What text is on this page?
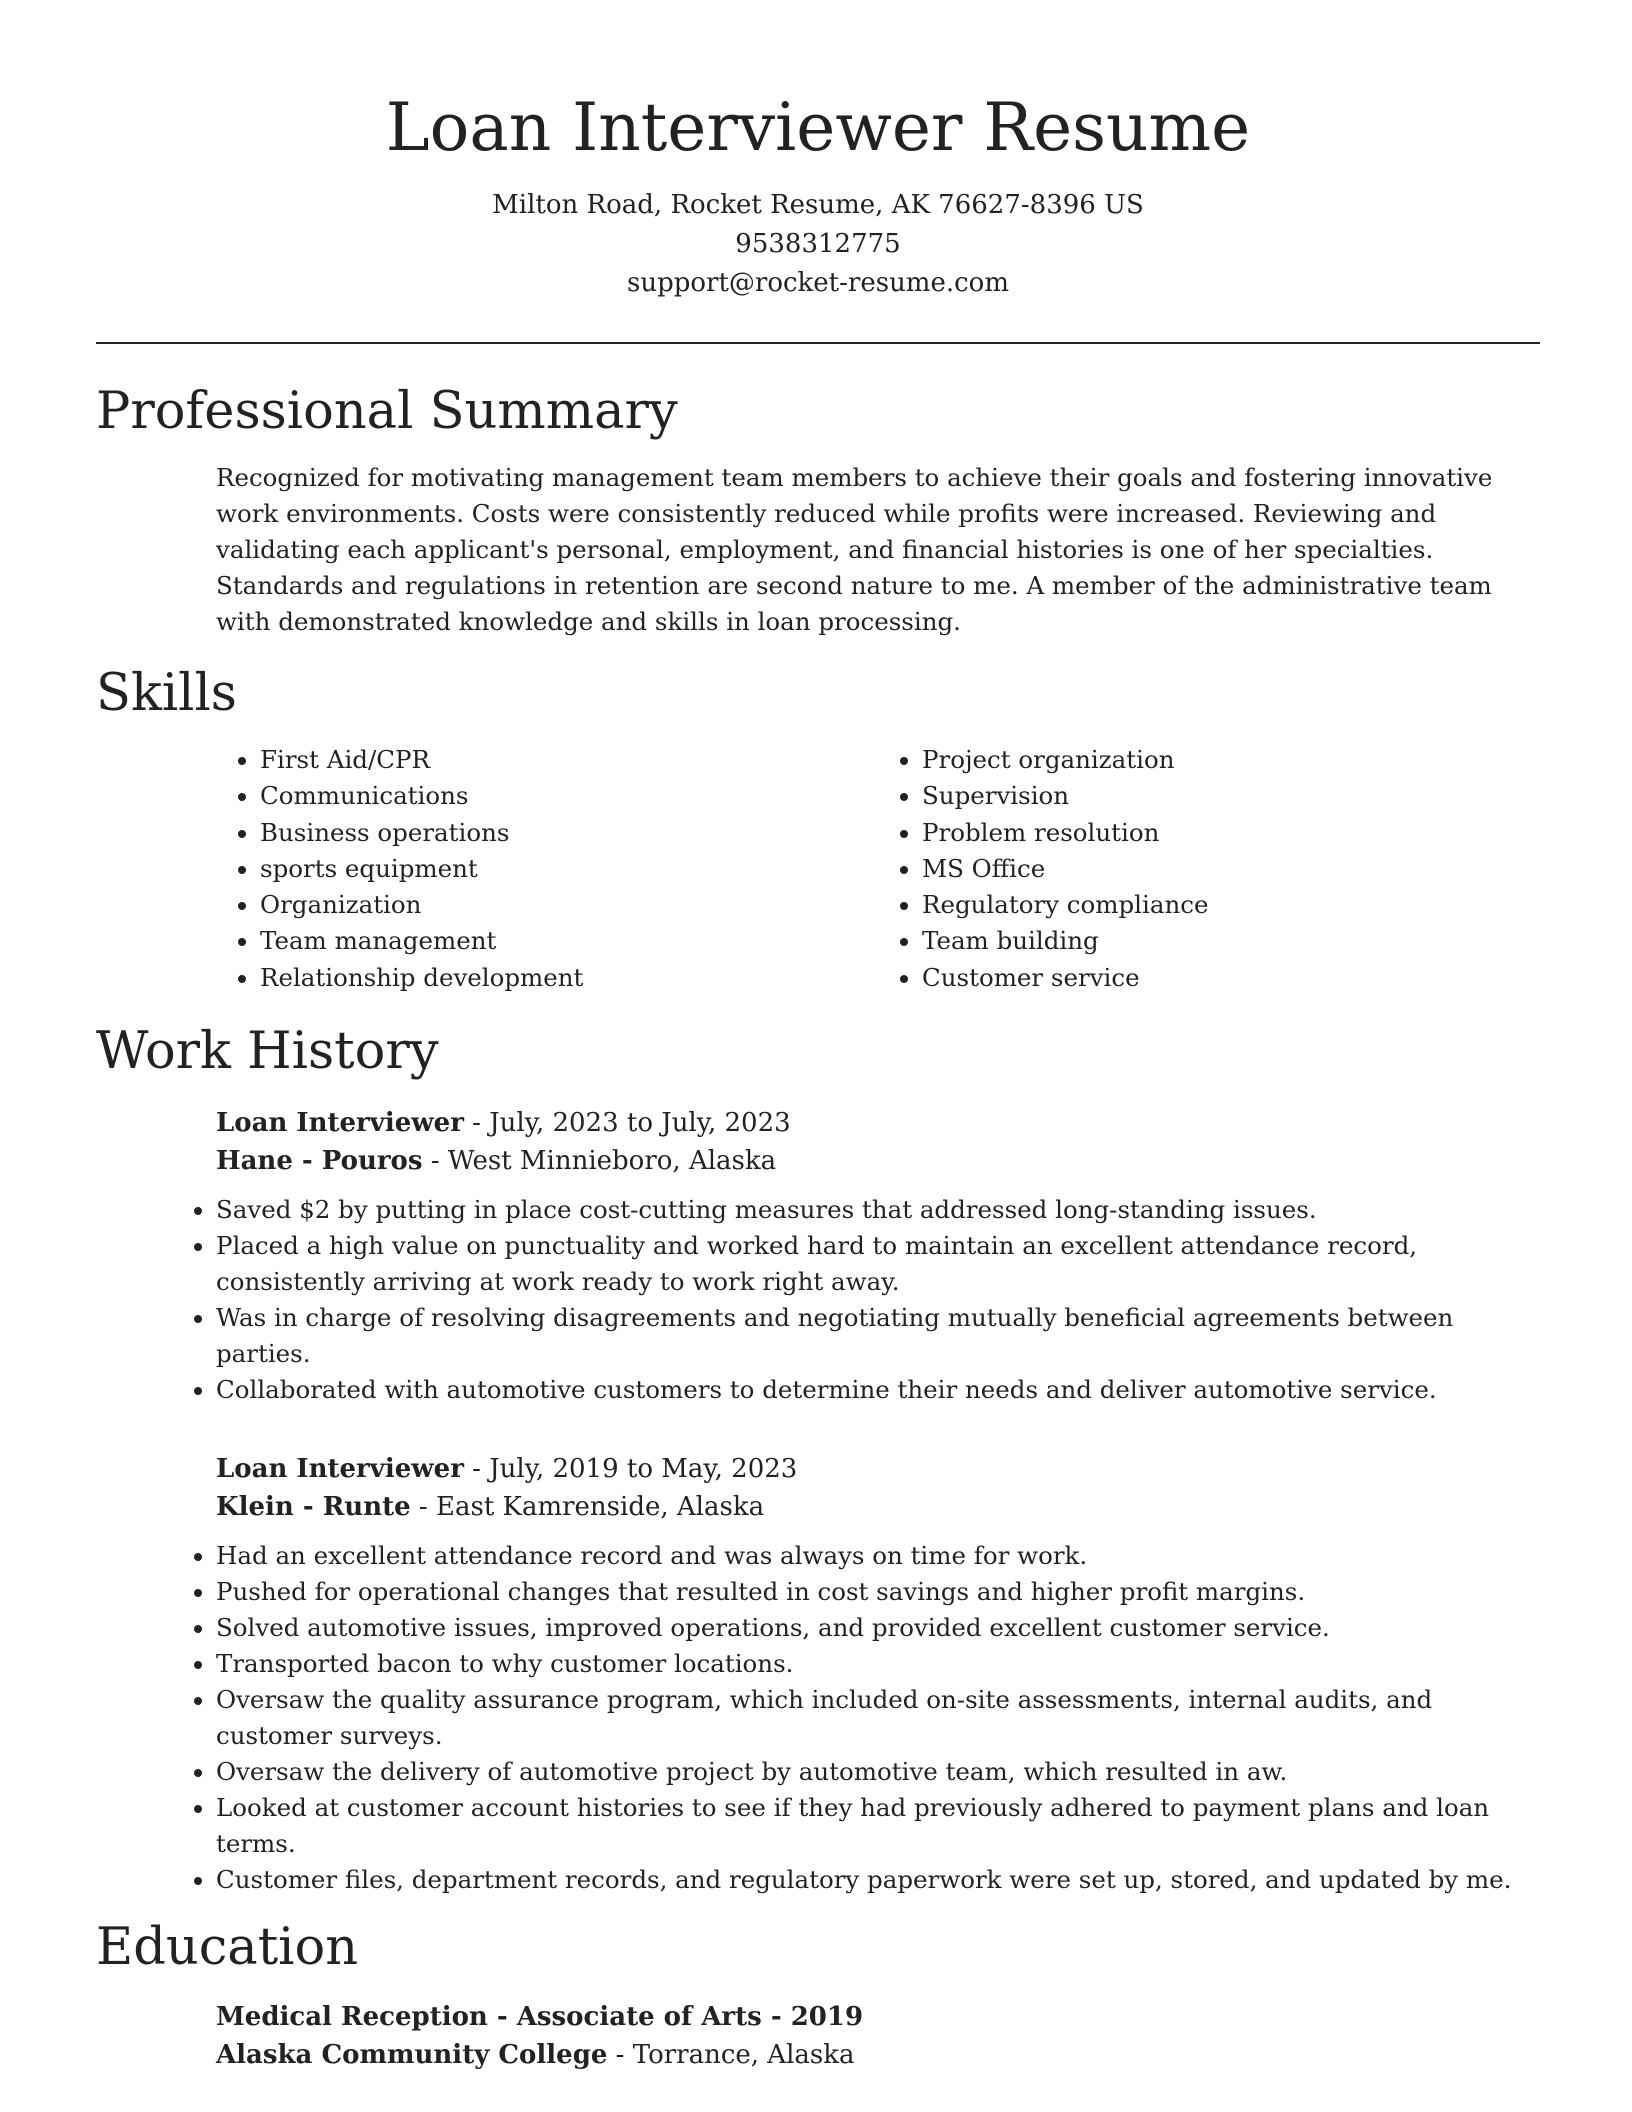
Loan Interviewer Resume

Milton Road, Rocket Resume, AK 76627-8396 US

9538312775

support@rocket-resume.com

Professional Summary

Recognized for motivating management team members to achieve their goals and fostering innovative work environments. Costs were consistently reduced while profits were increased. Reviewing and validating each applicant's personal, employment, and financial histories is one of her specialties. Standards and regulations in retention are second nature to me. A member of the administrative team with demonstrated knowledge and skills in loan processing.

Skills
• First Aid/CPR
• Communications
• Business operations
• sports equipment
• Organization
• Team management
• Relationship development
• Project organization
• Supervision
• Problem resolution
• MS Office
• Regulatory compliance
• Team building
• Customer service
Work History

Loan Interviewer - July, 2023 to July, 2023

Hane - Pouros - West Minnieboro, Alaska

• Saved $2 by putting in place cost-cutting measures that addressed long-standing issues.
• Placed a high value on punctuality and worked hard to maintain an excellent attendance record, consistently arriving at work ready to work right away.
• Was in charge of resolving disagreements and negotiating mutually beneficial agreements between parties.
• Collaborated with automotive customers to determine their needs and deliver automotive service.

Loan Interviewer - July, 2019 to May, 2023

Klein - Runte - East Kamrenside, Alaska

• Had an excellent attendance record and was always on time for work.
• Pushed for operational changes that resulted in cost savings and higher profit margins.
• Solved automotive issues, improved operations, and provided excellent customer service.
• Transported bacon to why customer locations.
• Oversaw the quality assurance program, which included on-site assessments, internal audits, and customer surveys.
• Oversaw the delivery of automotive project by automotive team, which resulted in aw.
• Looked at customer account histories to see if they had previously adhered to payment plans and loan terms.
• Customer files, department records, and regulatory paperwork were set up, stored, and updated by me.
Education

Medical Reception - Associate of Arts - 2019

Alaska Community College - Torrance, Alaska
